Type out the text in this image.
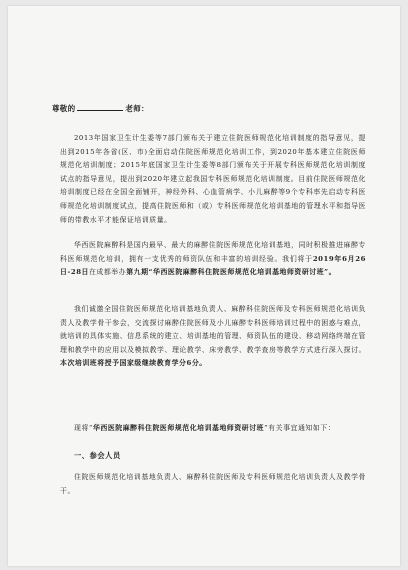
尊敬的	老师：
2013年国家卫生计生委等7部门颁布关于建立住院医师规范化培训制度的指导意见，提出到2015年各省(区、市)全面启动住院医师规范化培训工作，到2020年基本建立住院医师规范化培训制度；2015年底国家卫生计生委等8部门颁布关于开展专科医师规范化培训制度试点的指导意见，提出到2020年建立起我国专科医师规范化培训制度。目前住院医师规范化培训制度已经在全国全面铺开，神经外科、心血管病学、小儿麻醉等9个专科率先启动专科医师规范化培训制度试点，提高住院医师和（或）专科医师规范化培训基地的管理水平和指导医师的带教水平才能保证培训质量。
华西医院麻醉科是国内最早、最大的麻醉住院医师规范化培训基地，同时积极推进麻醉专科医师规范化培训，拥有一支优秀的师资队伍和丰富的培训经验。我们将于2019年6月26日-28日在成都举办第九期“华西医院麻醉科住院医师规范化培训基地师资研讨班”。
我们诚邀全国住院医师规范化培训基地负责人、麻醉科住院医师及专科医师规范化培训负责人及教学骨干参会，交流探讨麻醉住院医师及小儿麻醉专科医师培训过程中的困惑与难点，就培训的具体实施、信息系统的建立、培训基地的管理、师资队伍的建设、移动网络终端在管理和教学中的应用以及模拟教学、理论教学、床旁教学、教学查房等教学方式进行深入探讨。本次培训班将授予国家级继续教育学分6分。
现将“华西医院麻醉科住院医师规范化培训基地师资研讨班”有关事宜通知如下：
一、参会人员
住院医师规范化培训基地负责人、麻醉科住院医师及专科医师规范化培训负责人及教学骨干。
